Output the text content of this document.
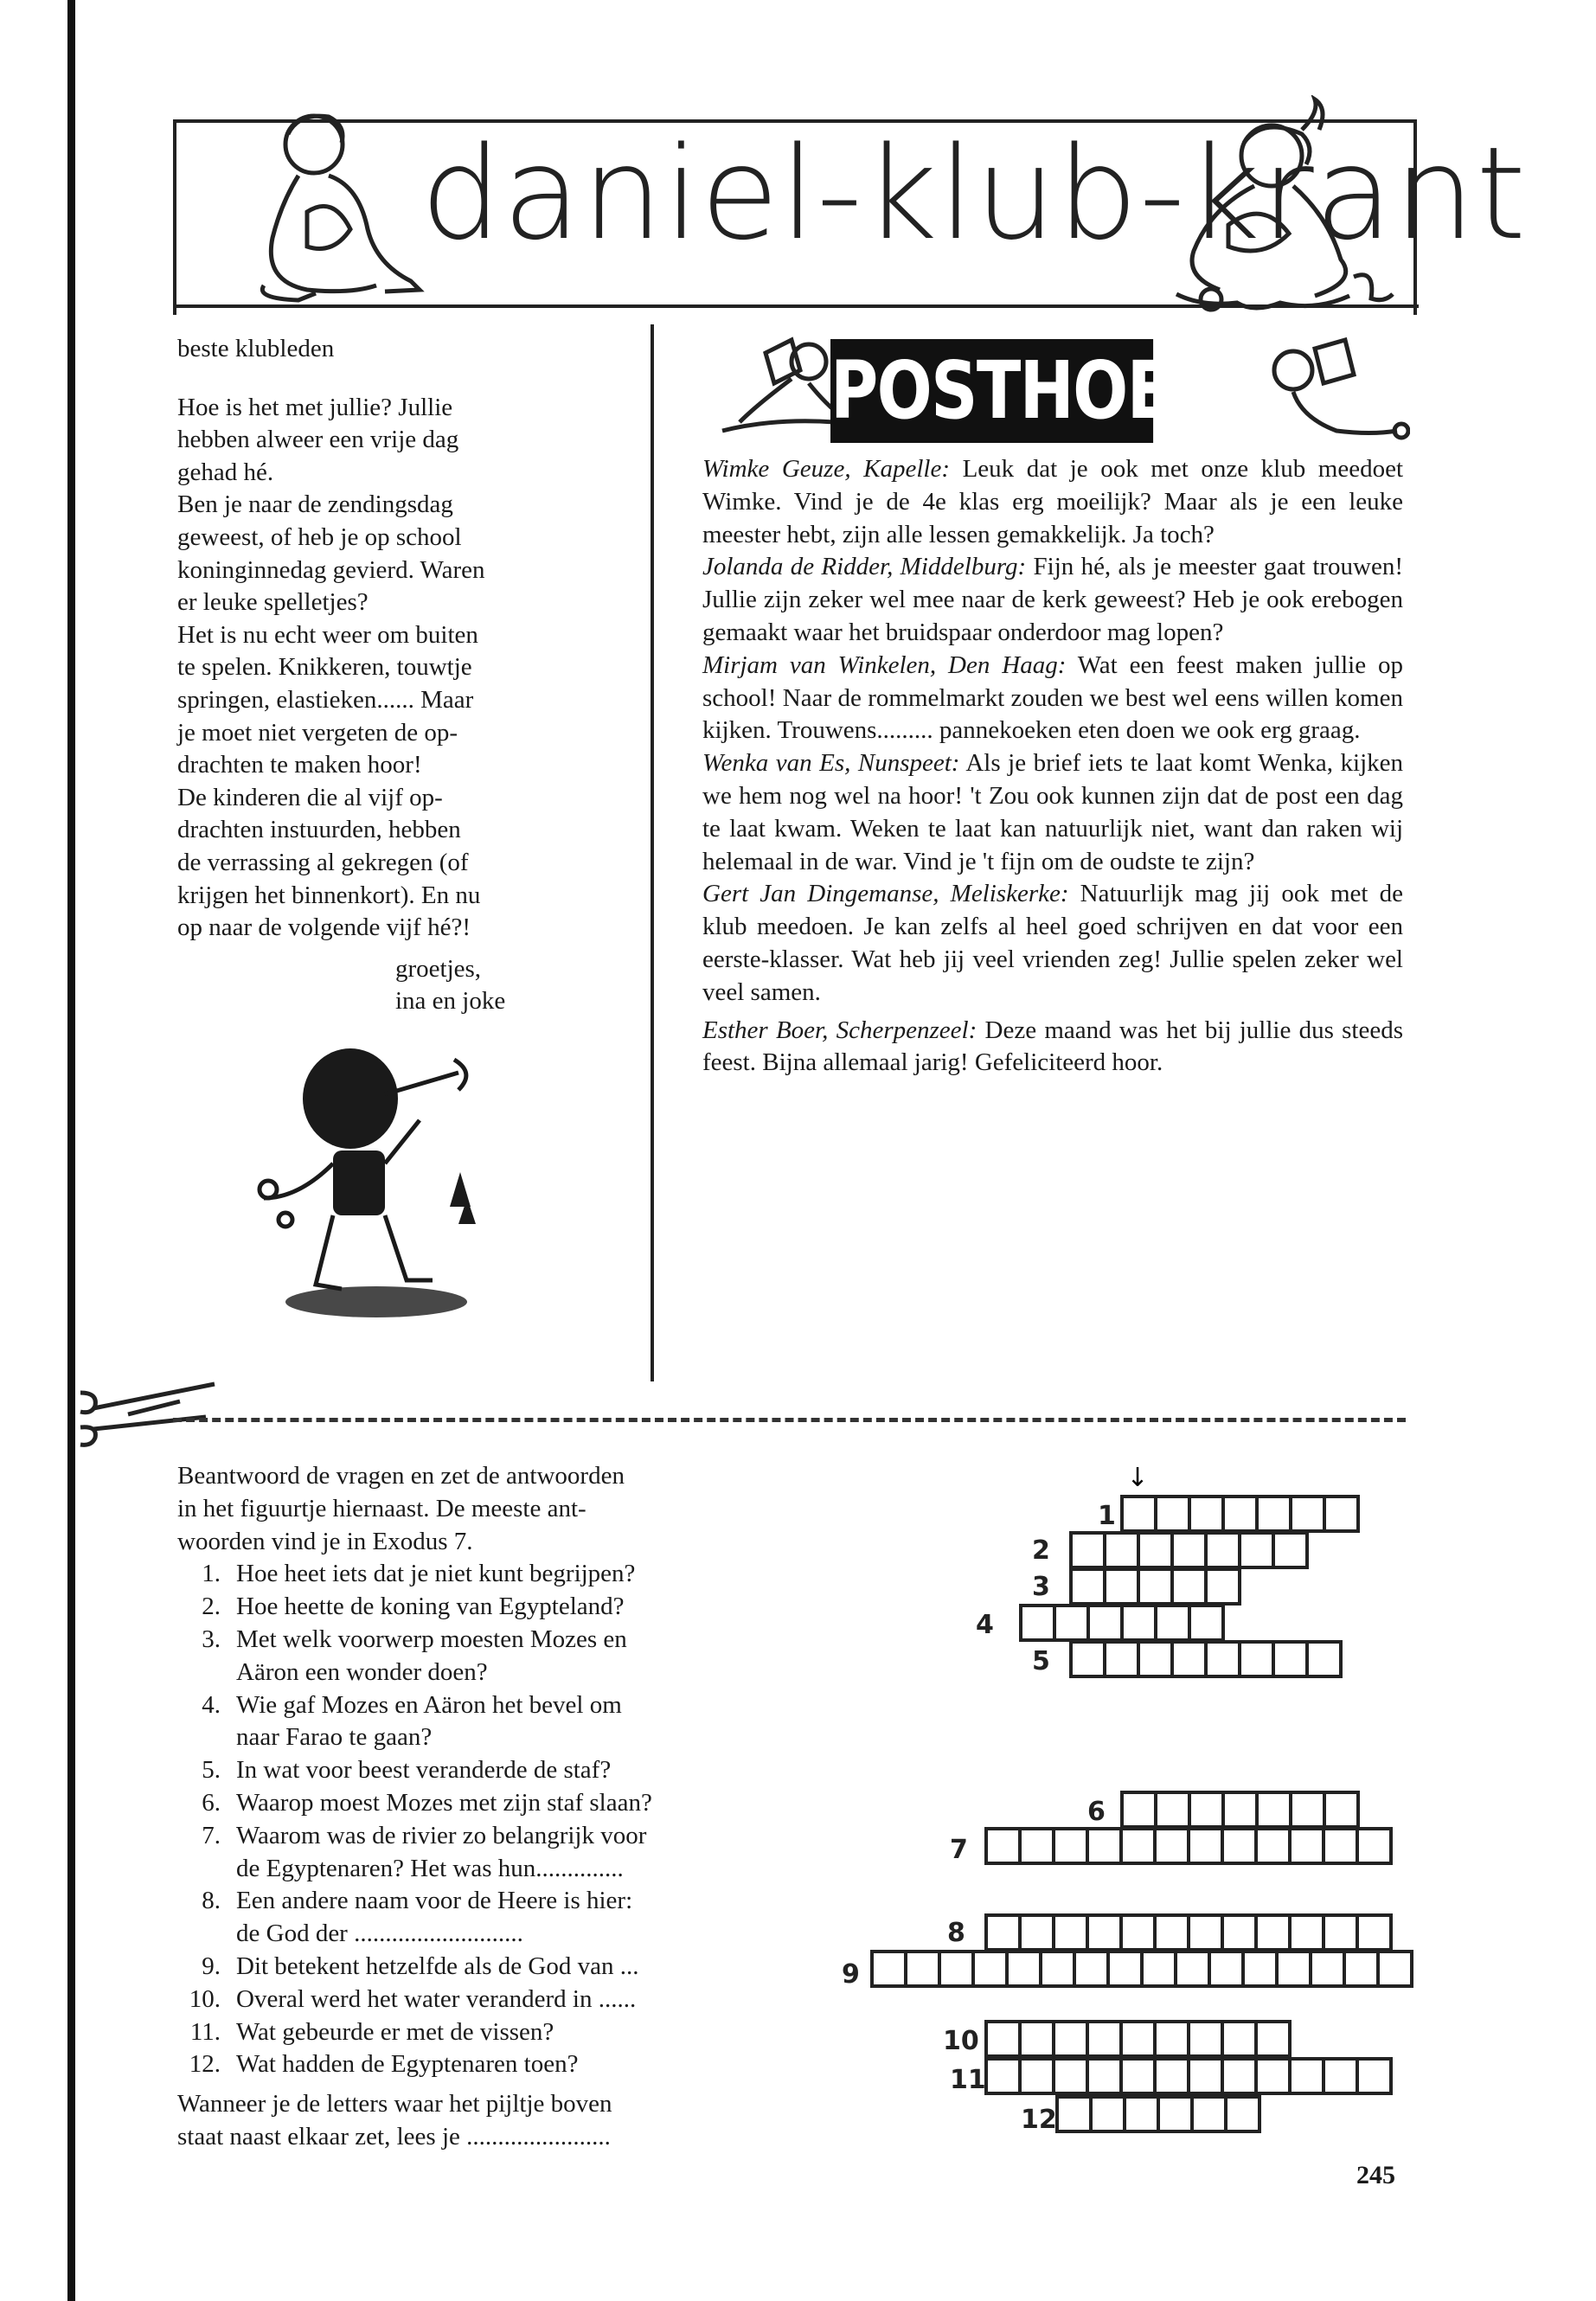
daniel-klub-krant

beste klubleden

Hoe is het met jullie? Jullie

hebben alweer een vrije dag

gehad hé.

Ben je naar de zendingsdag

geweest, of heb je op school

koninginnedag gevierd. Waren

er leuke spelletjes?

Het is nu echt weer om buiten

te spelen. Knikkeren, touwtje

springen, elastieken...... Maar

je moet niet vergeten de op-

drachten te maken hoor!

De kinderen die al vijf op-

drachten instuurden, hebben

de verrassing al gekregen (of

krijgen het binnenkort). En nu

op naar de volgende vijf hé?!

groetjes,

ina en joke

POSTHOEKJE

Wimke Geuze, Kapelle: Leuk dat je ook met onze klub meedoet Wimke. Vind je de 4e klas erg moeilijk? Maar als je een leuke meester hebt, zijn alle lessen gemakkelijk. Ja toch?

Jolanda de Ridder, Middelburg: Fijn hé, als je meester gaat trouwen! Jullie zijn zeker wel mee naar de kerk geweest? Heb je ook erebogen gemaakt waar het bruidspaar onderdoor mag lopen?

Mirjam van Winkelen, Den Haag: Wat een feest maken jullie op school! Naar de rommelmarkt zouden we best wel eens willen komen kijken. Trouwens......... pannekoeken eten doen we ook erg graag.

Wenka van Es, Nunspeet: Als je brief iets te laat komt Wenka, kijken we hem nog wel na hoor! 't Zou ook kunnen zijn dat de post een dag te laat kwam. Weken te laat kan natuurlijk niet, want dan raken wij helemaal in de war. Vind je 't fijn om de oudste te zijn?

Gert Jan Dingemanse, Meliskerke: Natuurlijk mag jij ook met de klub meedoen. Je kan zelfs al heel goed schrijven en dat voor een eerste-klasser. Wat heb jij veel vrienden zeg! Jullie spelen zeker wel veel samen.

Esther Boer, Scherpenzeel: Deze maand was het bij jullie dus steeds feest. Bijna allemaal jarig! Gefeliciteerd hoor.

Beantwoord de vragen en zet de antwoorden

in het figuurtje hiernaast. De meeste ant-

woorden vind je in Exodus 7.

1. Hoe heet iets dat je niet kunt begrijpen?
2. Hoe heette de koning van Egypteland?
3. Met welk voorwerp moesten Mozes en
Aäron een wonder doen?
4. Wie gaf Mozes en Aäron het bevel om
naar Farao te gaan?
5. In wat voor beest veranderde de staf?
6. Waarop moest Mozes met zijn staf slaan?
7. Waarom was de rivier zo belangrijk voor
de Egyptenaren? Het was hun..............
8. Een andere naam voor de Heere is hier:
de God der ...........................
9. Dit betekent hetzelfde als de God van ...
10. Overal werd het water veranderd in ......
11. Wat gebeurde er met de vissen?
12. Wat hadden de Egyptenaren toen?

Wanneer je de letters waar het pijltje boven

staat naast elkaar zet, lees je .......................

↓
1
2
3
4
5
6
7
8
9
10
11
12
245
